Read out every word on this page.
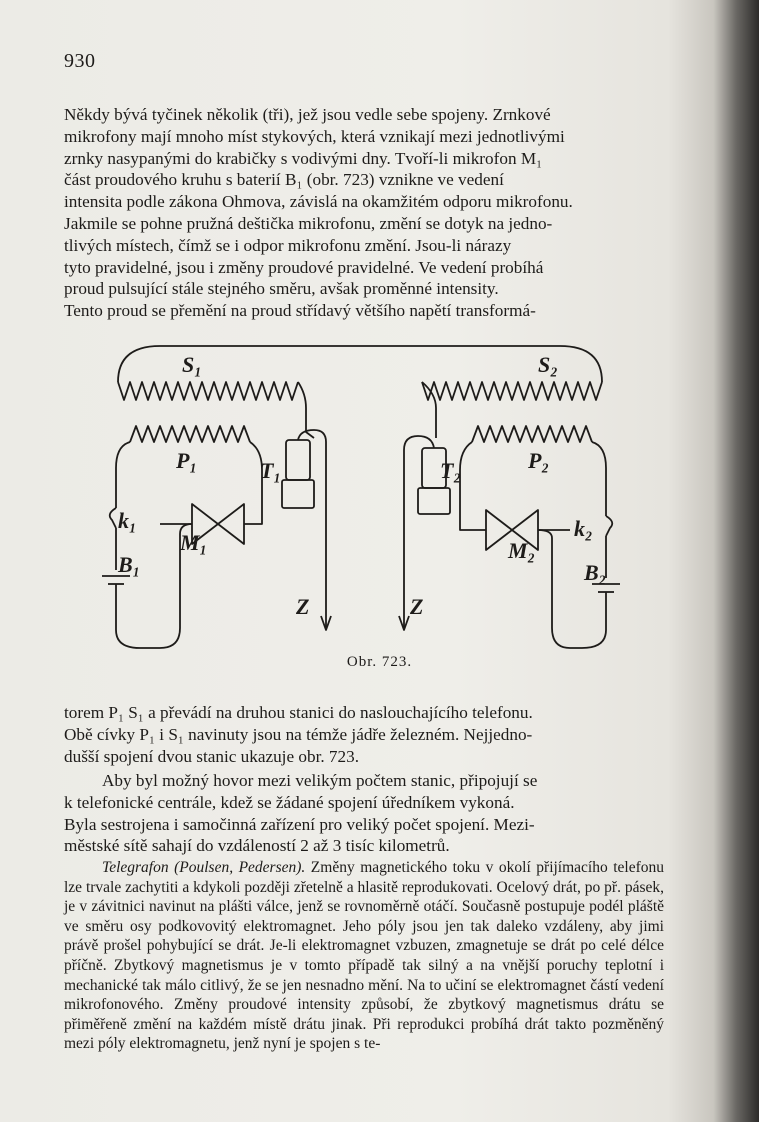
930

Někdy bývá tyčinek několik (tři), jež jsou vedle sebe spojeny. Zrnkové

mikrofony mají mnoho míst stykových, která vznikají mezi jednotlivými

zrnky nasypanými do krabičky s vodivými dny. Tvoří-li mikrofon M₁

část proudového kruhu s baterií B₁ (obr. 723) vznikne ve vedení

intensita podle zákona Ohmova, závislá na okamžitém odporu mikrofonu.

Jakmile se pohne pružná deštička mikrofonu, změní se dotyk na jedno-

tlivých místech, čímž se i odpor mikrofonu změní. Jsou-li nárazy

tyto pravidelné, jsou i změny proudové pravidelné. Ve vedení probíhá

proud pulsující stále stejného směru, avšak proměnné intensity.

Tento proud se přemění na proud střídavý většího napětí transformá-

S₁	S₂
P₁	P₂
T₁	T₂
k₁	k₂
M₁	M₂
B₁	B₂
Z	Z
Obr. 723.

torem P₁ S₁ a převádí na druhou stanici do naslouchajícího telefonu.

Obě cívky P₁ i S₁ navinuty jsou na témže jádře železném. Nejjedno-

dušší spojení dvou stanic ukazuje obr. 723.

Aby byl možný hovor mezi velikým počtem stanic, připojují se

k telefonické centrále, kdež se žádané spojení úředníkem vykoná.

Byla sestrojena i samočinná zařízení pro veliký počet spojení. Mezi-

městské sítě sahají do vzdáleností 2 až 3 tisíc kilometrů.

Telegrafon (Poulsen, Pedersen). Změny magnetického toku v okolí přijímacího telefonu lze trvale zachytiti a kdykoli později zřetelně a hlasitě reprodukovati. Ocelový drát, po př. pásek, je v závitnici navinut na plášti válce, jenž se rovnoměrně otáčí. Současně postupuje podél pláště ve směru osy podkovovitý elektromagnet. Jeho póly jsou jen tak daleko vzdáleny, aby jimi právě prošel pohybující se drát. Je-li elektromagnet vzbuzen, zmagnetuje se drát po celé délce příčně. Zbytkový magnetismus je v tomto případě tak silný a na vnější poruchy teplotní i mechanické tak málo citlivý, že se jen nesnadno mění. Na to učiní se elektromagnet částí vedení mikrofonového. Změny proudové intensity způsobí, že zbytkový magnetismus drátu se přiměřeně změní na každém místě drátu jinak. Při reprodukci probíhá drát takto pozměněný mezi póly elektromagnetu, jenž nyní je spojen s te-
